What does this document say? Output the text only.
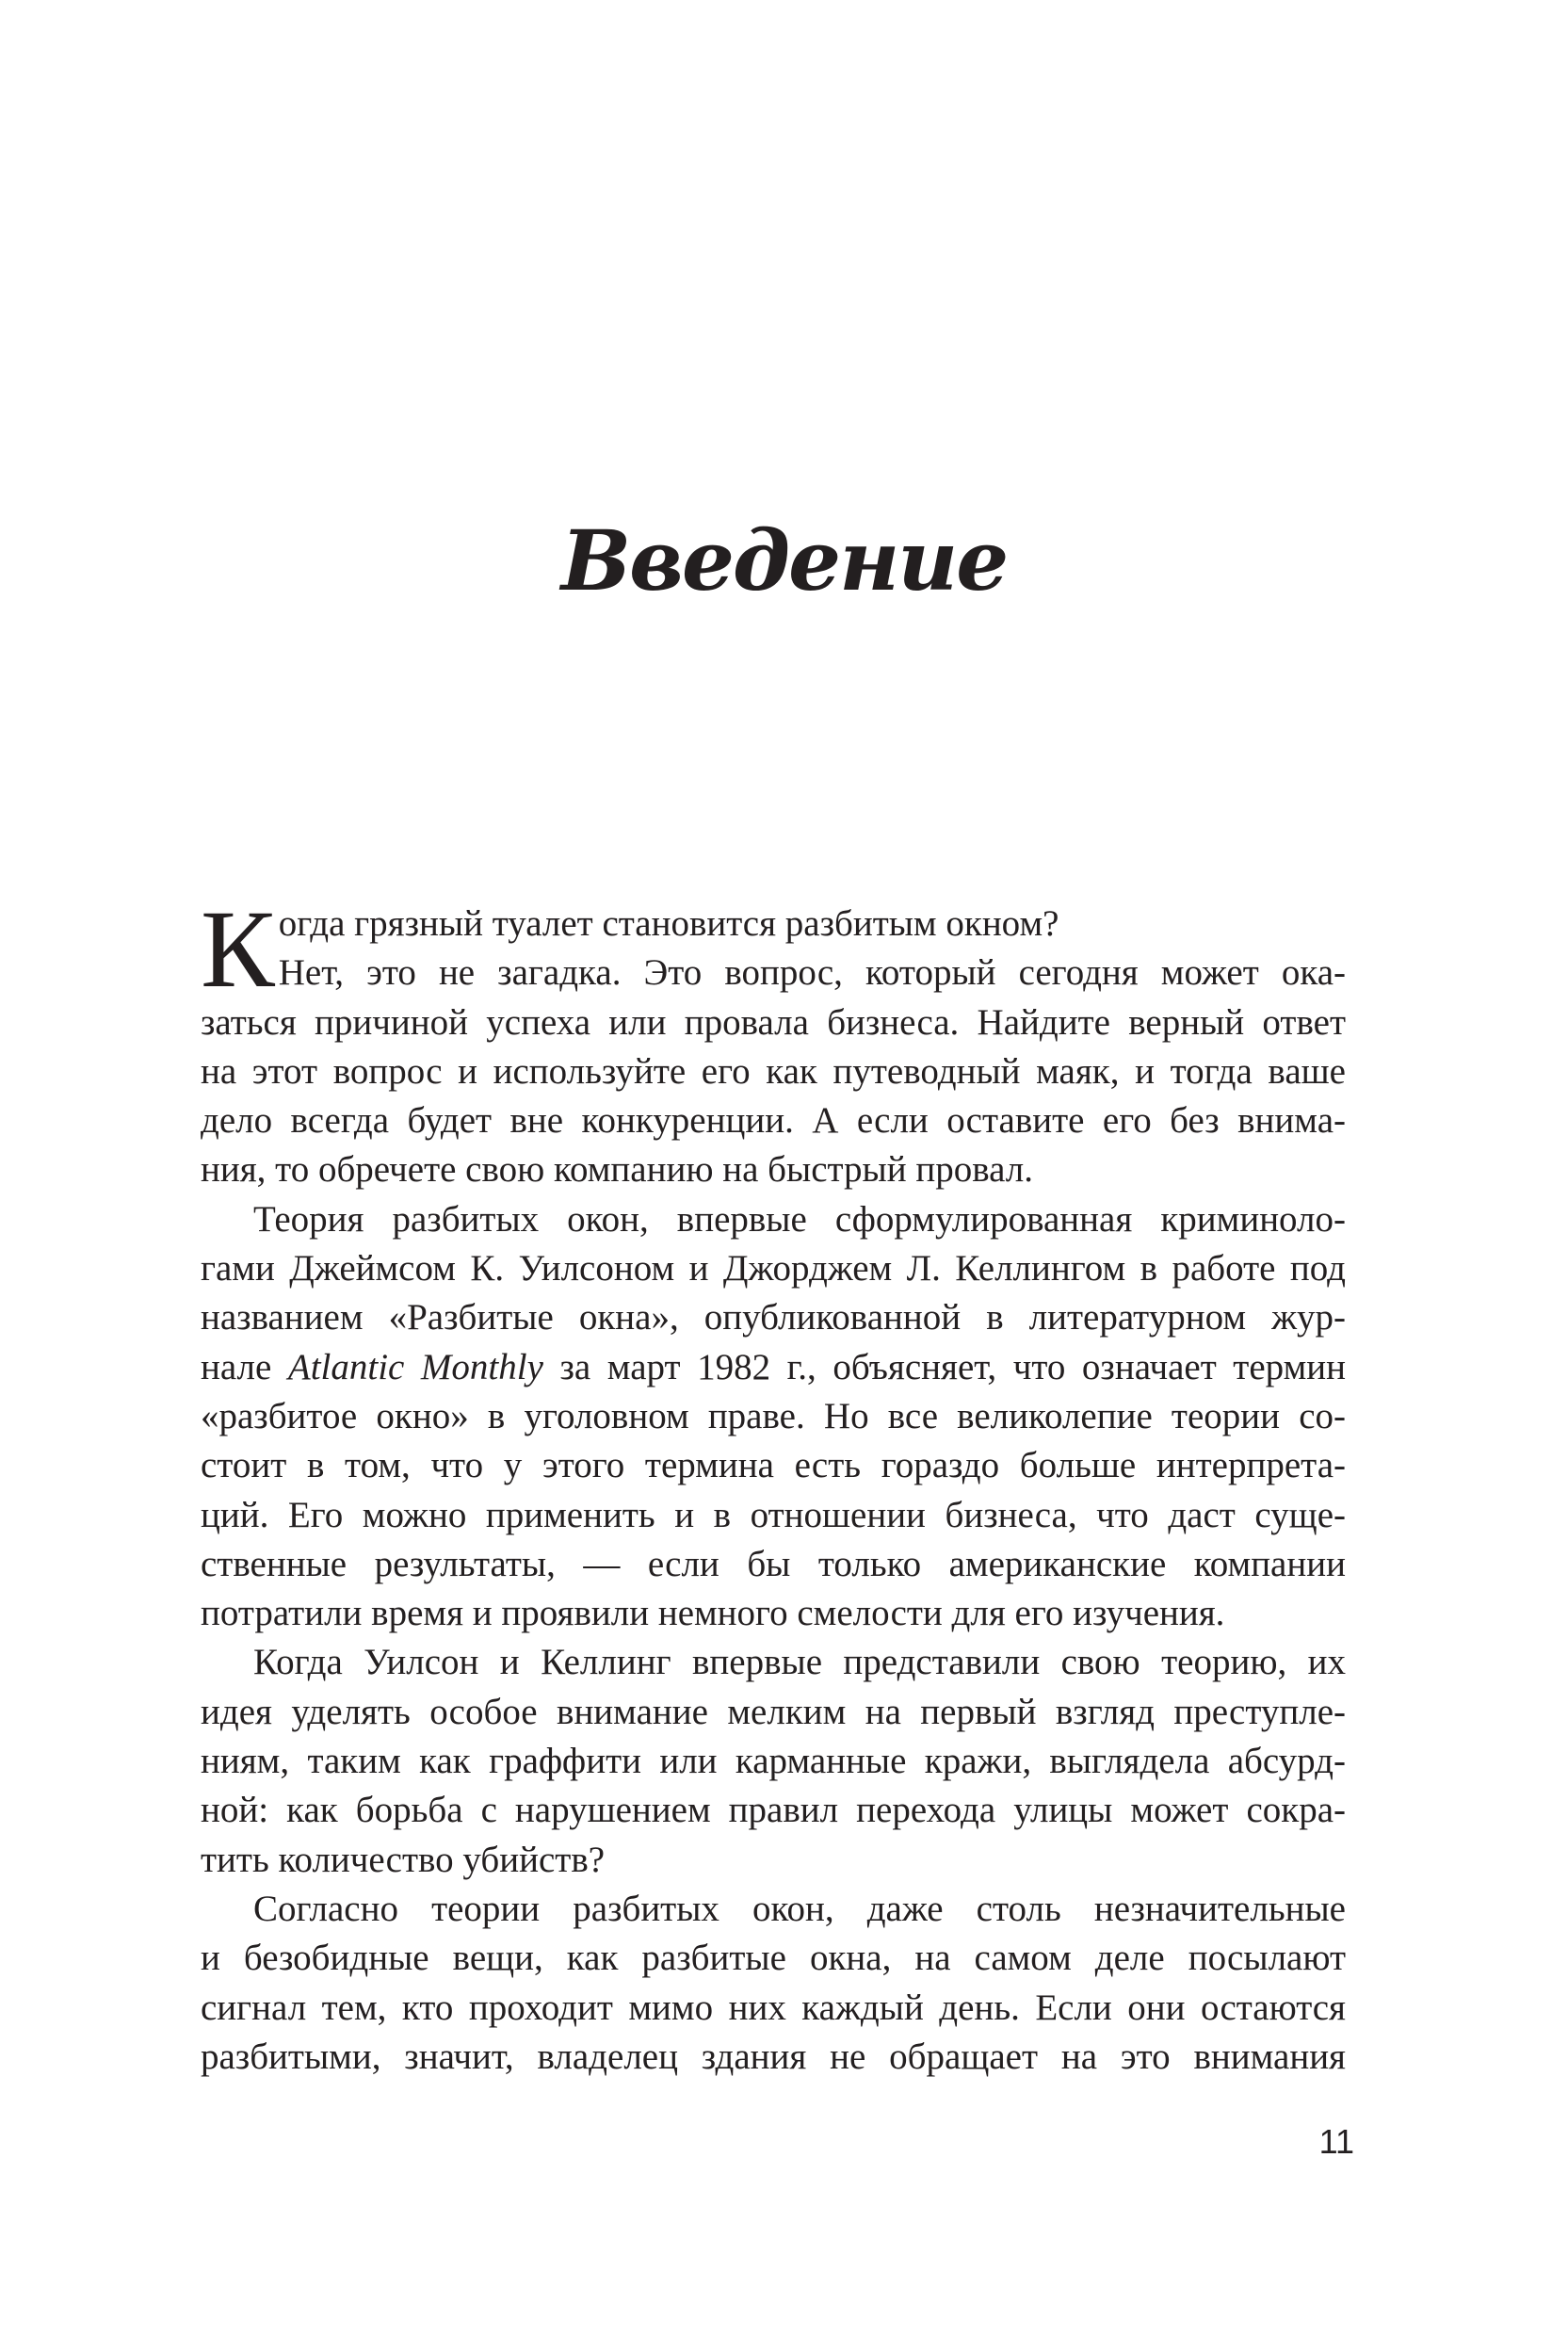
Введение
К огда грязный туалет становится разбитым окном?
Нет, это не загадка. Это вопрос, который сегодня может ока-
заться причиной успеха или провала бизнеса. Найдите верный ответ
на этот вопрос и используйте его как путеводный маяк, и тогда ваше
дело всегда будет вне конкуренции. А если оставите его без внима-
ния, то обречете свою компанию на быстрый провал.
Теория разбитых окон, впервые сформулированная криминоло-
гами Джеймсом К. Уилсоном и Джорджем Л. Келлингом в работе под
названием «Разбитые окна», опубликованной в литературном жур-
нале Atlantic Monthly за март 1982 г., объясняет, что означает термин
«разбитое окно» в уголовном праве. Но все великолепие теории со-
стоит в том, что у этого термина есть гораздо больше интерпрета-
ций. Его можно применить и в отношении бизнеса, что даст суще-
ственные результаты, — если бы только американские компании
потратили время и проявили немного смелости для его изучения.
Когда Уилсон и Келлинг впервые представили свою теорию, их
идея уделять особое внимание мелким на первый взгляд преступле-
ниям, таким как граффити или карманные кражи, выглядела абсурд-
ной: как борьба с нарушением правил перехода улицы может сокра-
тить количество убийств?
Согласно теории разбитых окон, даже столь незначительные
и безобидные вещи, как разбитые окна, на самом деле посылают
сигнал тем, кто проходит мимо них каждый день. Если они остаются
разбитыми, значит, владелец здания не обращает на это внимания
11
